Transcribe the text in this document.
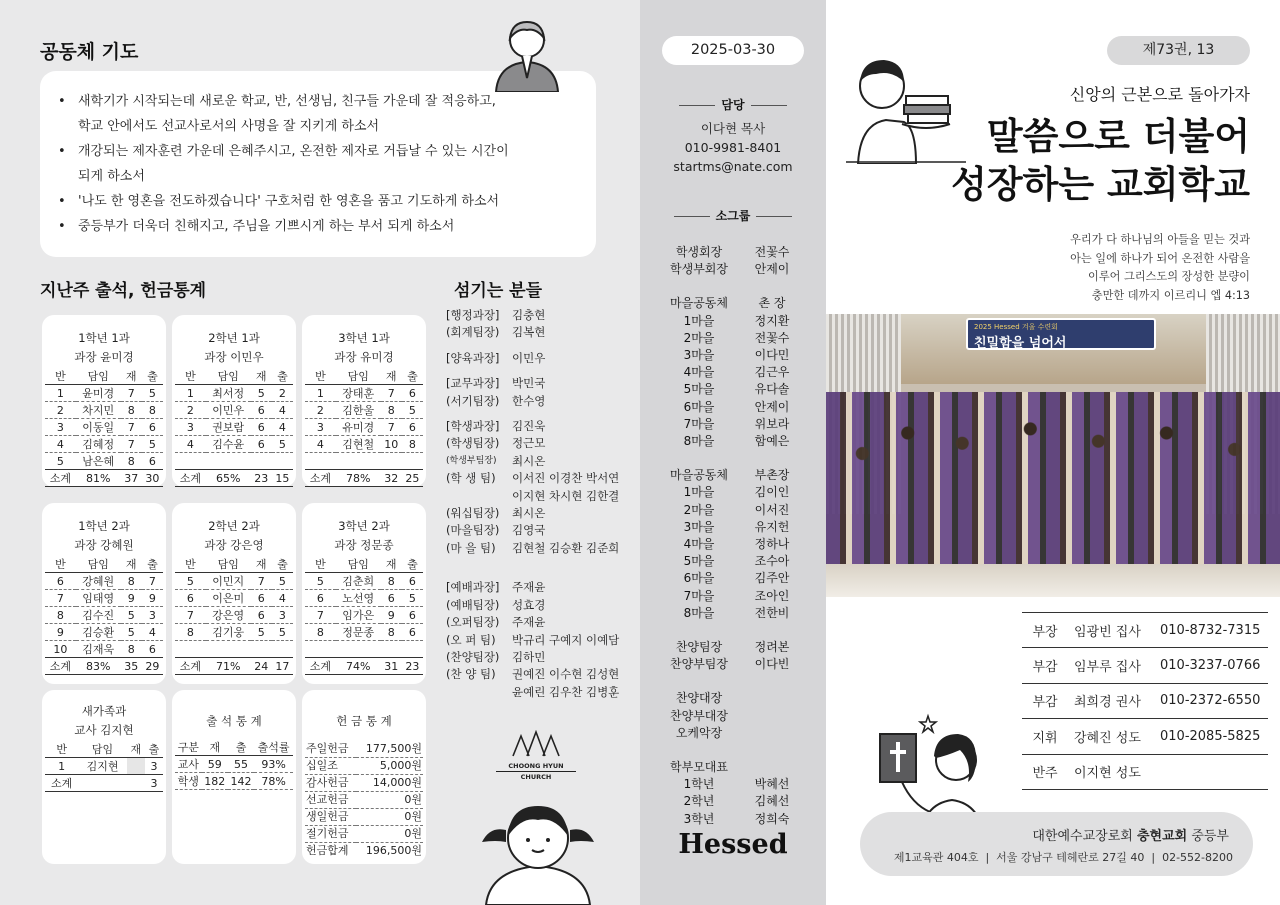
공동체 기도
• 새학기가 시작되는데 새로운 학교, 반, 선생님, 친구들 가운데 잘 적응하고,
학교 안에서도 선교사로서의 사명을 잘 지키게 하소서
• 개강되는 제자훈련 가운데 은혜주시고, 온전한 제자로 거듭날 수 있는 시간이
되게 하소서
• '나도 한 영혼을 전도하겠습니다' 구호처럼 한 영혼을 품고 기도하게 하소서
• 중등부가 더욱더 친해지고, 주님을 기쁘시게 하는 부서 되게 하소서
지난주 출석, 헌금통계
1학년 1과
과장 윤미경
반	담임	재	출
1	윤미경	7	5
2	차지민	8	8
3	이동일	7	6
4	김혜정	7	5
5	남은혜	8	6
소계	81%	37	30
2학년 1과
과장 이민우
반	담임	재	출
1	최서정	5	2
2	이민우	6	4
3	권보람	6	4
4	김수윤	6	5

소계	65%	23	15
3학년 1과
과장 유미경
반	담임	재	출
1	장태훈	7	6
2	김한울	8	5
3	유미경	7	6
4	김현철	10	8

소계	78%	32	25
1학년 2과
과장 강혜원
반	담임	재	출
6	강혜원	8	7
7	임태영	9	9
8	김수진	5	3
9	김승환	5	4
10	김재욱	8	6
소계	83%	35	29
2학년 2과
과장 강은영
반	담임	재	출
5	이민지	7	5
6	이은미	6	4
7	강은영	6	3
8	김기웅	5	5

소계	71%	24	17
3학년 2과
과장 정문종
반	담임	재	출
5	김춘희	8	6
6	노선영	6	5
7	임가은	9	6
8	정문종	8	6

소계	74%	31	23
새가족과
교사 김지현
반	담임	재	출
1	김지현		3
소계			3
출 석 통 계
구분	재	출	출석률
교사	59	55	93%
학생	182	142	78%
헌 금 통 계
주일헌금	177,500원
십일조	5,000원
감사헌금	14,000원
선교헌금	0원
생일헌금	0원
절기헌금	0원
헌금합계	196,500원
섬기는 분들
[행정과장]	김충현
(회계팀장)	김복현
[양육과장]	이민우
[교무과장]	박민국
(서기팀장)	한수영
[학생과장]	김진욱
(학생팀장)	정근모
(학생부팀장)	최시온
(학 생 팀)	이서진 이경찬 박서연
이지현 차시현 김한결
(워십팀장)	최시온
(마을팀장)	김영국
(마 을 팀)	김현철 김승환 김준희
[예배과장]	주재윤
(예배팀장)	성효경
(오퍼팀장)	주재윤
(오 퍼 팀)	박규리 구예지 이예담
(찬양팀장)	김하민
(찬 양 팀)	권예진 이수현 김성현
윤예린 김우찬 김병훈
CHOONG HYUN
CHURCH
2025-03-30
담당
이다현 목사
010-9981-8401
startms@nate.com
소그룹
학생회장	전꽃수
학생부회장	안제이
마을공동체	촌 장
1마을	정지환
2마을	전꽃수
3마을	이다민
4마을	김근우
5마을	유다솔
6마을	안제이
7마을	위보라
8마을	함예은
마을공동체	부촌장
1마을	김이인
2마을	이서진
3마을	유지헌
4마을	정하나
5마을	조수아
6마을	김주안
7마을	조아인
8마을	전한비
찬양팀장	정려본
찬양부팀장	이다빈
찬양대장
찬양부대장
오케악장
학부모대표
1학년	박혜선
2학년	김혜선
3학년	정희숙
Hessed
제73권, 13
신앙의 근본으로 돌아가자
말씀으로 더불어
성장하는 교회학교
우리가 다 하나님의 아들을 믿는 것과
아는 일에 하나가 되어 온전한 사람을
이루어 그리스도의 장성한 분량이
충만한 데까지 이르리니 엡 4:13
2025 Hessed 겨울 수련회
친밀함을 넘어서
부장	임광빈 집사	010-8732-7315
부감	임부루 집사	010-3237-0766
부감	최희경 권사	010-2372-6550
지휘	강혜진 성도	010-2085-5825
반주	이지현 성도
대한예수교장로회 충현교회 중등부
제1교육관 404호  |  서울 강남구 테헤란로 27길 40  |  02-552-8200
